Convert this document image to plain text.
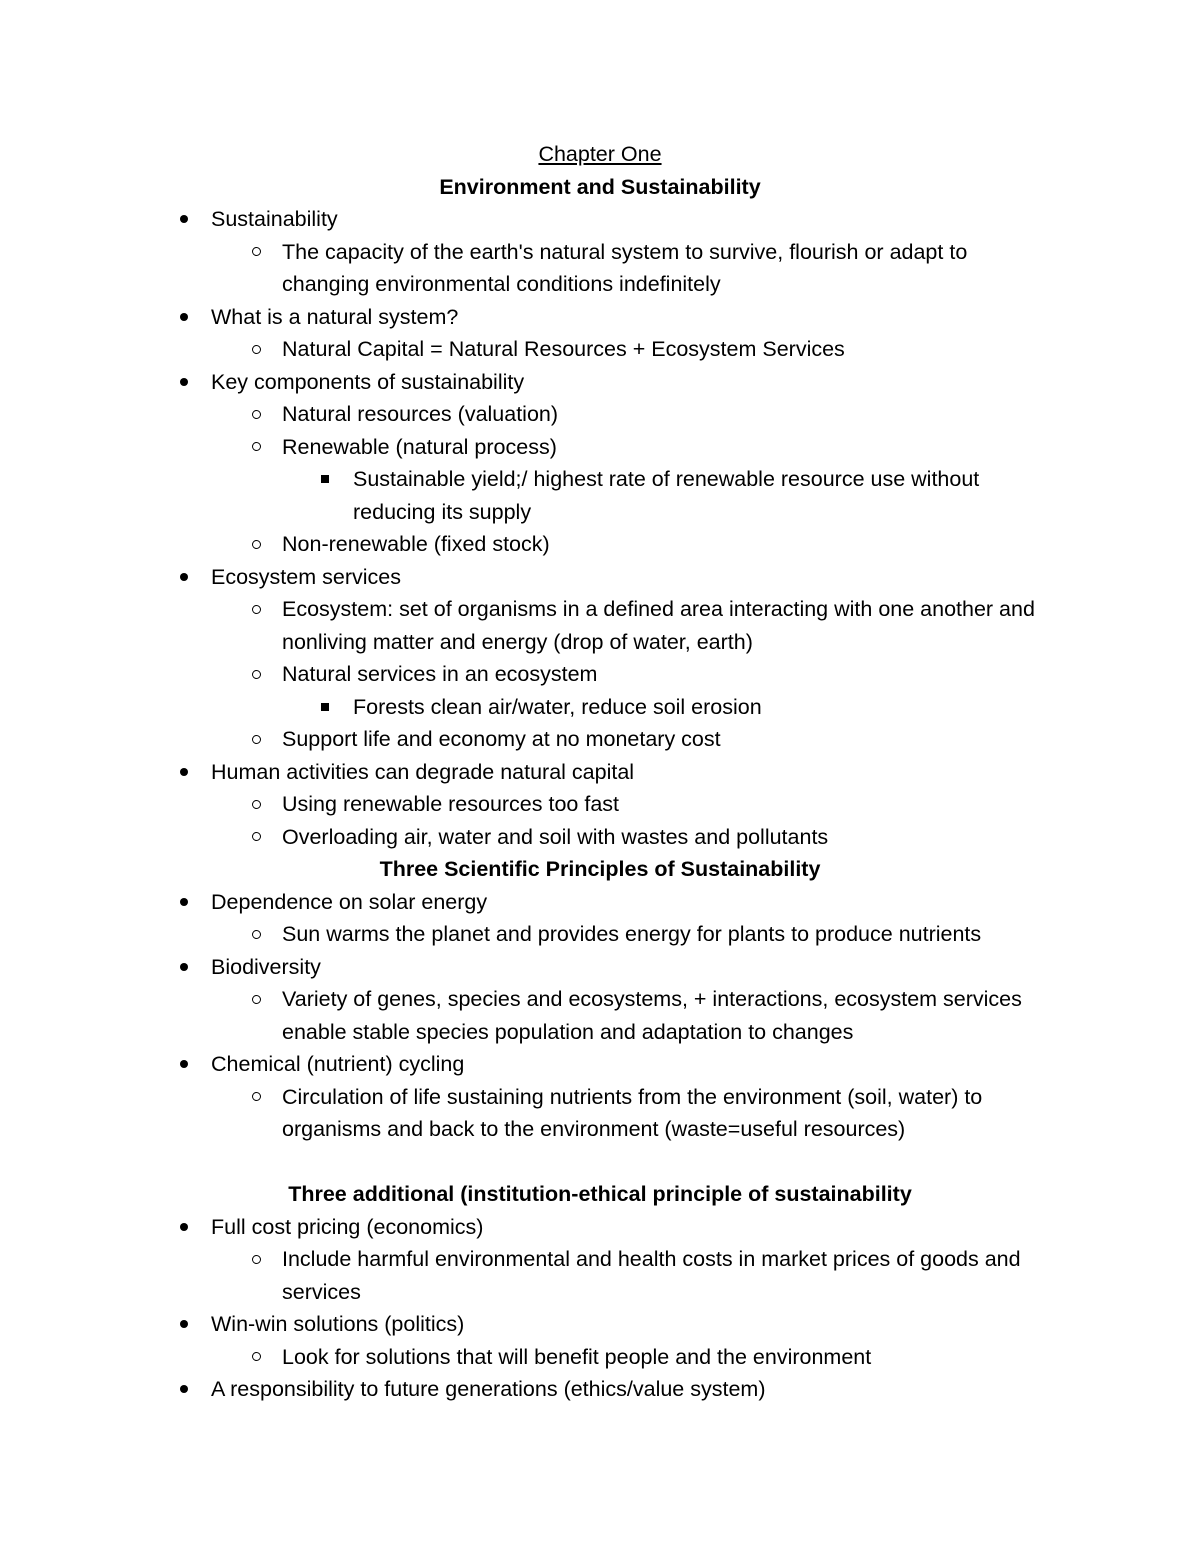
Chapter One
Environment and Sustainability
Sustainability
The capacity of the earth's natural system to survive, flourish or adapt to changing environmental conditions indefinitely
What is a natural system?
Natural Capital = Natural Resources + Ecosystem Services
Key components of sustainability
Natural resources (valuation)
Renewable (natural process)
Sustainable yield;/ highest rate of renewable resource use without reducing its supply
Non-renewable (fixed stock)
Ecosystem services
Ecosystem: set of organisms in a defined area interacting with one another and nonliving matter and energy (drop of water, earth)
Natural services in an ecosystem
Forests clean air/water, reduce soil erosion
Support life and economy at no monetary cost
Human activities can degrade natural capital
Using renewable resources too fast
Overloading air, water and soil with wastes and pollutants
Three Scientific Principles of Sustainability
Dependence on solar energy
Sun warms the planet and provides energy for plants to produce nutrients
Biodiversity
Variety of genes, species and ecosystems, + interactions, ecosystem services enable stable species population and adaptation to changes
Chemical (nutrient) cycling
Circulation of life sustaining nutrients from the environment (soil, water) to organisms and back to the environment (waste=useful resources)
Three additional (institution-ethical principle of sustainability
Full cost pricing (economics)
Include harmful environmental and health costs in market prices of goods and services
Win-win solutions (politics)
Look for solutions that will benefit people and the environment
A responsibility to future generations (ethics/value system)
